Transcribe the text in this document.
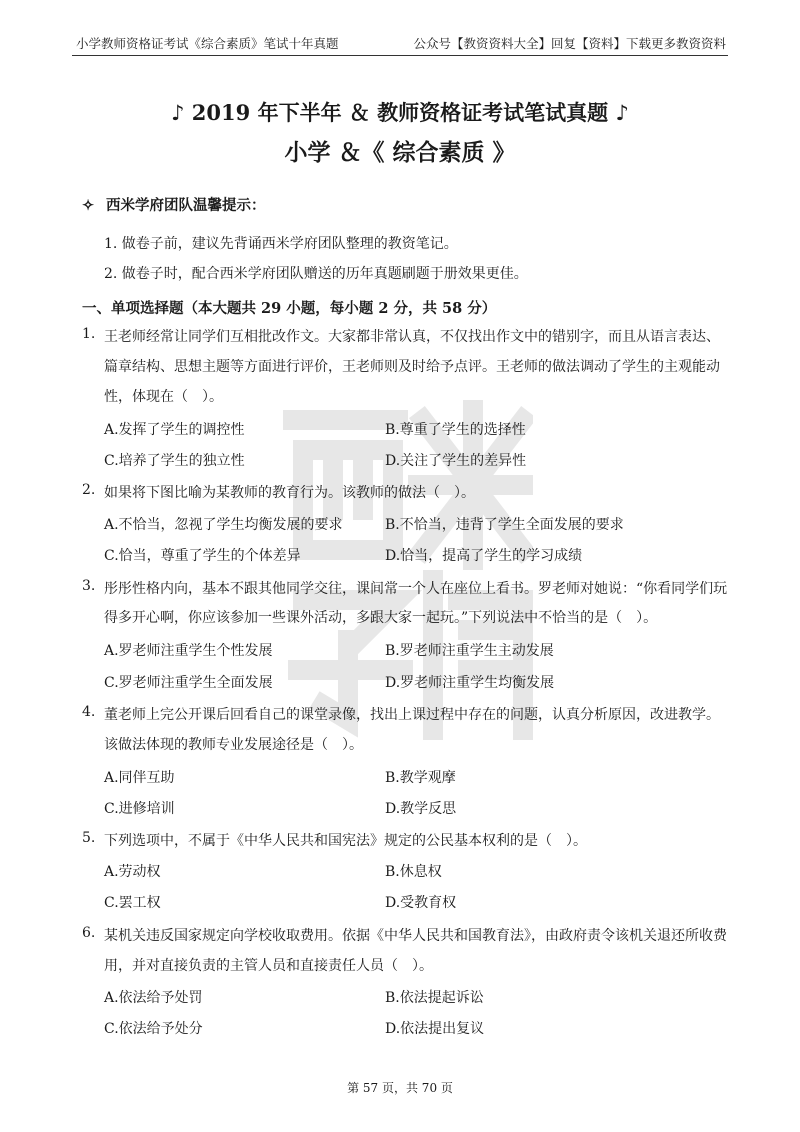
小学教师资格证考试《综合素质》笔试十年真题	公众号【教资资料大全】回复【资料】下载更多教资资料
♪ 2019 年下半年 ＆ 教师资格证考试笔试真题 ♪
小学 ＆《 综合素质 》
✧ 西米学府团队温馨提示：
1. 做卷子前，建议先背诵西米学府团队整理的教资笔记。
2. 做卷子时，配合西米学府团队赠送的历年真题刷题于册效果更佳。
一、单项选择题（本大题共 29 小题，每小题 2 分，共 58 分）
1. 王老师经常让同学们互相批改作文。大家都非常认真，不仅找出作文中的错别字，而且从语言表达、
篇章结构、思想主题等方面进行评价，王老师则及时给予点评。王老师的做法调动了学生的主观能动
性，体现在（　）。
A.发挥了学生的调控性	B.尊重了学生的选择性
C.培养了学生的独立性	D.关注了学生的差异性
2. 如果将下图比喻为某教师的教育行为。该教师的做法（　）。
A.不恰当，忽视了学生均衡发展的要求	B.不恰当，违背了学生全面发展的要求
C.恰当，尊重了学生的个体差异	D.恰当，提高了学生的学习成绩
3. 彤彤性格内向，基本不跟其他同学交往，课间常一个人在座位上看书。罗老师对她说：“你看同学们玩
得多开心啊，你应该参加一些课外活动，多跟大家一起玩。”下列说法中不恰当的是（　）。
A.罗老师注重学生个性发展	B.罗老师注重学生主动发展
C.罗老师注重学生全面发展	D.罗老师注重学生均衡发展
4. 董老师上完公开课后回看自己的课堂录像，找出上课过程中存在的问题，认真分析原因，改进教学。
该做法体现的教师专业发展途径是（　）。
A.同伴互助	B.教学观摩
C.进修培训	D.教学反思
5. 下列选项中，不属于《中华人民共和国宪法》规定的公民基本权利的是（　）。
A.劳动权	B.休息权
C.罢工权	D.受教育权
6. 某机关违反国家规定向学校收取费用。依据《中华人民共和国教育法》，由政府责令该机关退还所收费
用，并对直接负责的主管人员和直接责任人员（　）。
A.依法给予处罚	B.依法提起诉讼
C.依法给予处分	D.依法提出复议
第 57 页，共 70 页
